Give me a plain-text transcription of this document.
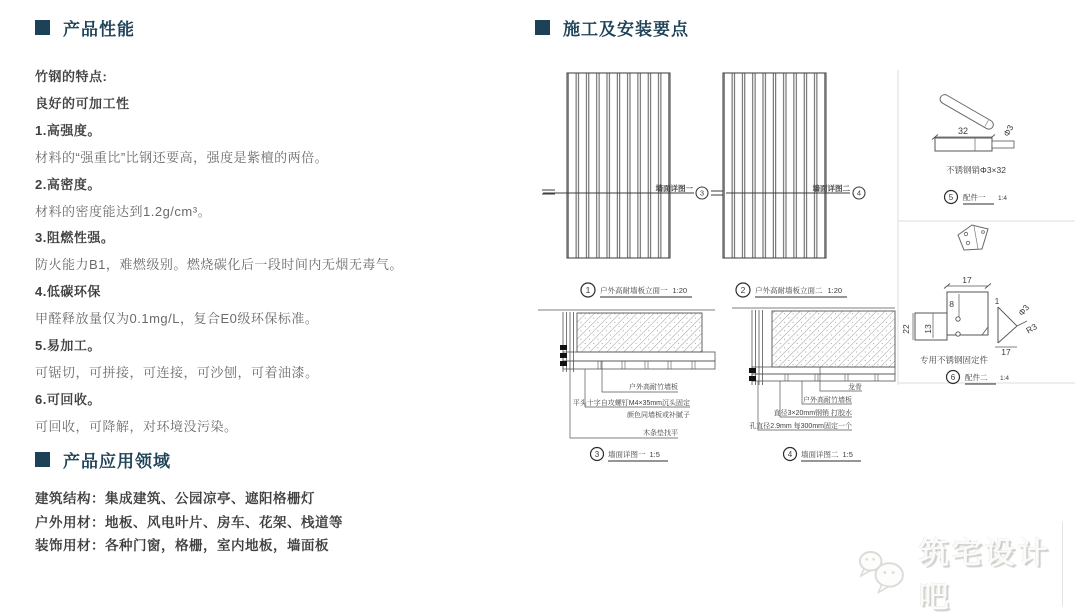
产品性能

竹钢的特点:

良好的可加工性

1.高强度。

材料的“强重比”比钢还要高，强度是紫檀的两倍。

2.高密度。

材料的密度能达到1.2g/cm³。

3.阻燃性强。

防火能力B1，难燃级别。燃烧碳化后一段时间内无烟无毒气。

4.低碳环保

甲醛释放量仅为0.1mg/L，复合E0级环保标准。

5.易加工。

可锯切，可拼接，可连接，可沙刨，可着油漆。

6.可回收。

可回收，可降解，对环境没污染。

产品应用领域

建筑结构：集成建筑、公园凉亭、遮阳格栅灯

户外用材：地板、风电叶片、房车、花架、栈道等

装饰用材：各种门窗，格栅，室内地板，墙面板

施工及安装要点
墙面详图一
3
墙面详图二
4
1 户外高耐墙板立面一 1:20	2 户外高耐墙板立面二 1:20
户外高耐竹墙板
平头十字自攻螺钉M4×35mm沉头固定
颜色同墙板或补腻子
木条垫找平
3 墙面详图一 1:5
龙骨
户外高耐竹墙板
直径3×20mm钢销 打胶水
孔直径2.9mm 每300mm固定一个
4 墙面详图二 1:5
32	Φ3
不锈钢销Φ3×32
5 配件一 1:4
17
8
13
22
1
Φ3
R3
17
专用不锈钢固定件
6 配件二 1:4
筑宅设计吧
